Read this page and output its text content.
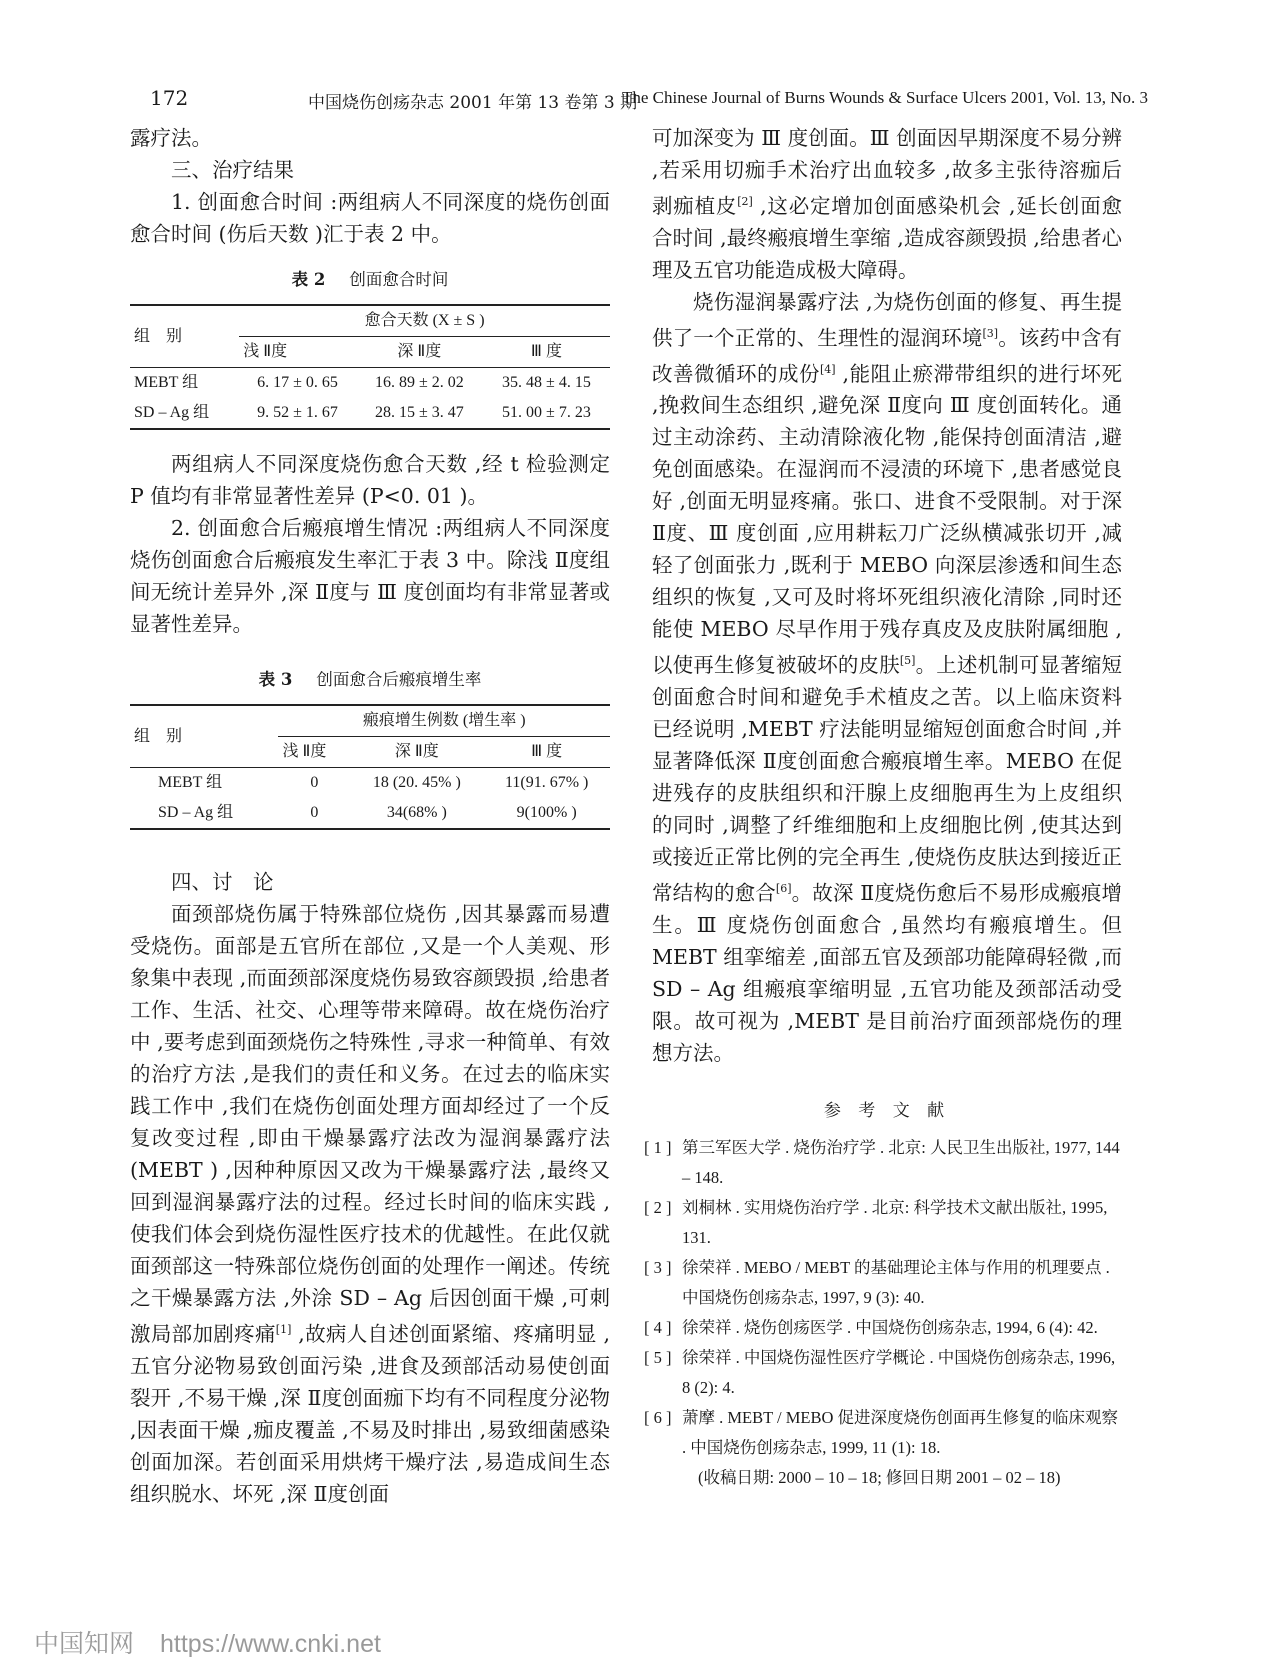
172	中国烧伤创疡杂志 2001 年第 13 卷第 3 期
The Chinese Journal of Burns Wounds & Surface Ulcers 2001, Vol. 13, No. 3

露疗法。

三、治疗结果

1. 创面愈合时间 :两组病人不同深度的烧伤创面愈合时间 (伤后天数 )汇于表 2 中。

表 2 创面愈合时间
组　别	愈合天数 (X ± S )		
	浅 Ⅱ度	深 Ⅱ度	Ⅲ 度
MEBT 组	6. 17 ± 0. 65	16. 89 ± 2. 02	35. 48 ± 4. 15
SD – Ag 组	9. 52 ± 1. 67	28. 15 ± 3. 47	51. 00 ± 7. 23

两组病人不同深度烧伤愈合天数 ,经 t 检验测定 P 值均有非常显著性差异 (P<0. 01 )。

2. 创面愈合后瘢痕增生情况 :两组病人不同深度烧伤创面愈合后瘢痕发生率汇于表 3 中。除浅 Ⅱ度组间无统计差异外 ,深 Ⅱ度与 Ⅲ 度创面均有非常显著或显著性差异。

表 3 创面愈合后瘢痕增生率
组　别	瘢痕增生例数 (增生率 )		
	浅 Ⅱ度	深 Ⅱ度	Ⅲ 度
MEBT 组	0	18 (20. 45% )	11(91. 67% )
SD – Ag 组	0	34(68% )	9(100% )

四、讨　论

面颈部烧伤属于特殊部位烧伤 ,因其暴露而易遭受烧伤。面部是五官所在部位 ,又是一个人美观、形象集中表现 ,而面颈部深度烧伤易致容颜毁损 ,给患者工作、生活、社交、心理等带来障碍。故在烧伤治疗中 ,要考虑到面颈烧伤之特殊性 ,寻求一种简单、有效的治疗方法 ,是我们的责任和义务。在过去的临床实践工作中 ,我们在烧伤创面处理方面却经过了一个反复改变过程 ,即由干燥暴露疗法改为湿润暴露疗法 (MEBT ) ,因种种原因又改为干燥暴露疗法 ,最终又回到湿润暴露疗法的过程。经过长时间的临床实践 ,使我们体会到烧伤湿性医疗技术的优越性。在此仅就面颈部这一特殊部位烧伤创面的处理作一阐述。传统之干燥暴露方法 ,外涂 SD – Ag 后因创面干燥 ,可刺激局部加剧疼痛[1] ,故病人自述创面紧缩、疼痛明显 ,五官分泌物易致创面污染 ,进食及颈部活动易使创面裂开 ,不易干燥 ,深 Ⅱ度创面痂下均有不同程度分泌物 ,因表面干燥 ,痂皮覆盖 ,不易及时排出 ,易致细菌感染创面加深。若创面采用烘烤干燥疗法 ,易造成间生态组织脱水、坏死 ,深 Ⅱ度创面

可加深变为 Ⅲ 度创面。Ⅲ 创面因早期深度不易分辨 ,若采用切痂手术治疗出血较多 ,故多主张待溶痂后剥痂植皮[2] ,这必定增加创面感染机会 ,延长创面愈合时间 ,最终瘢痕增生挛缩 ,造成容颜毁损 ,给患者心理及五官功能造成极大障碍。

烧伤湿润暴露疗法 ,为烧伤创面的修复、再生提供了一个正常的、生理性的湿润环境[3]。该药中含有改善微循环的成份[4] ,能阻止瘀滞带组织的进行坏死 ,挽救间生态组织 ,避免深 Ⅱ度向 Ⅲ 度创面转化。通过主动涂药、主动清除液化物 ,能保持创面清洁 ,避免创面感染。在湿润而不浸渍的环境下 ,患者感觉良好 ,创面无明显疼痛。张口、进食不受限制。对于深 Ⅱ度、Ⅲ 度创面 ,应用耕耘刀广泛纵横减张切开 ,减轻了创面张力 ,既利于 MEBO 向深层渗透和间生态组织的恢复 ,又可及时将坏死组织液化清除 ,同时还能使 MEBO 尽早作用于残存真皮及皮肤附属细胞 ,以使再生修复被破坏的皮肤[5]。上述机制可显著缩短创面愈合时间和避免手术植皮之苦。以上临床资料已经说明 ,MEBT 疗法能明显缩短创面愈合时间 ,并显著降低深 Ⅱ度创面愈合瘢痕增生率。MEBO 在促进残存的皮肤组织和汗腺上皮细胞再生为上皮组织的同时 ,调整了纤维细胞和上皮细胞比例 ,使其达到或接近正常比例的完全再生 ,使烧伤皮肤达到接近正常结构的愈合[6]。故深 Ⅱ度烧伤愈后不易形成瘢痕增生。Ⅲ 度烧伤创面愈合 ,虽然均有瘢痕增生。但 MEBT 组挛缩差 ,面部五官及颈部功能障碍轻微 ,而 SD – Ag 组瘢痕挛缩明显 ,五官功能及颈部活动受限。故可视为 ,MEBT 是目前治疗面颈部烧伤的理想方法。

参 考 文 献
[ 1 ] 第三军医大学 . 烧伤治疗学 . 北京: 人民卫生出版社, 1977, 144 – 148.
[ 2 ] 刘桐林 . 实用烧伤治疗学 . 北京: 科学技术文献出版社, 1995, 131.
[ 3 ] 徐荣祥 . MEBO / MEBT 的基础理论主体与作用的机理要点 . 中国烧伤创疡杂志, 1997, 9 (3): 40.
[ 4 ] 徐荣祥 . 烧伤创疡医学 . 中国烧伤创疡杂志, 1994, 6 (4): 42.
[ 5 ] 徐荣祥 . 中国烧伤湿性医疗学概论 . 中国烧伤创疡杂志, 1996, 8 (2): 4.
[ 6 ] 萧摩 . MEBT / MEBO 促进深度烧伤创面再生修复的临床观察 . 中国烧伤创疡杂志, 1999, 11 (1): 18.
(收稿日期: 2000 – 10 – 18; 修回日期 2001 – 02 – 18)
中国知网 https://www.cnki.net
